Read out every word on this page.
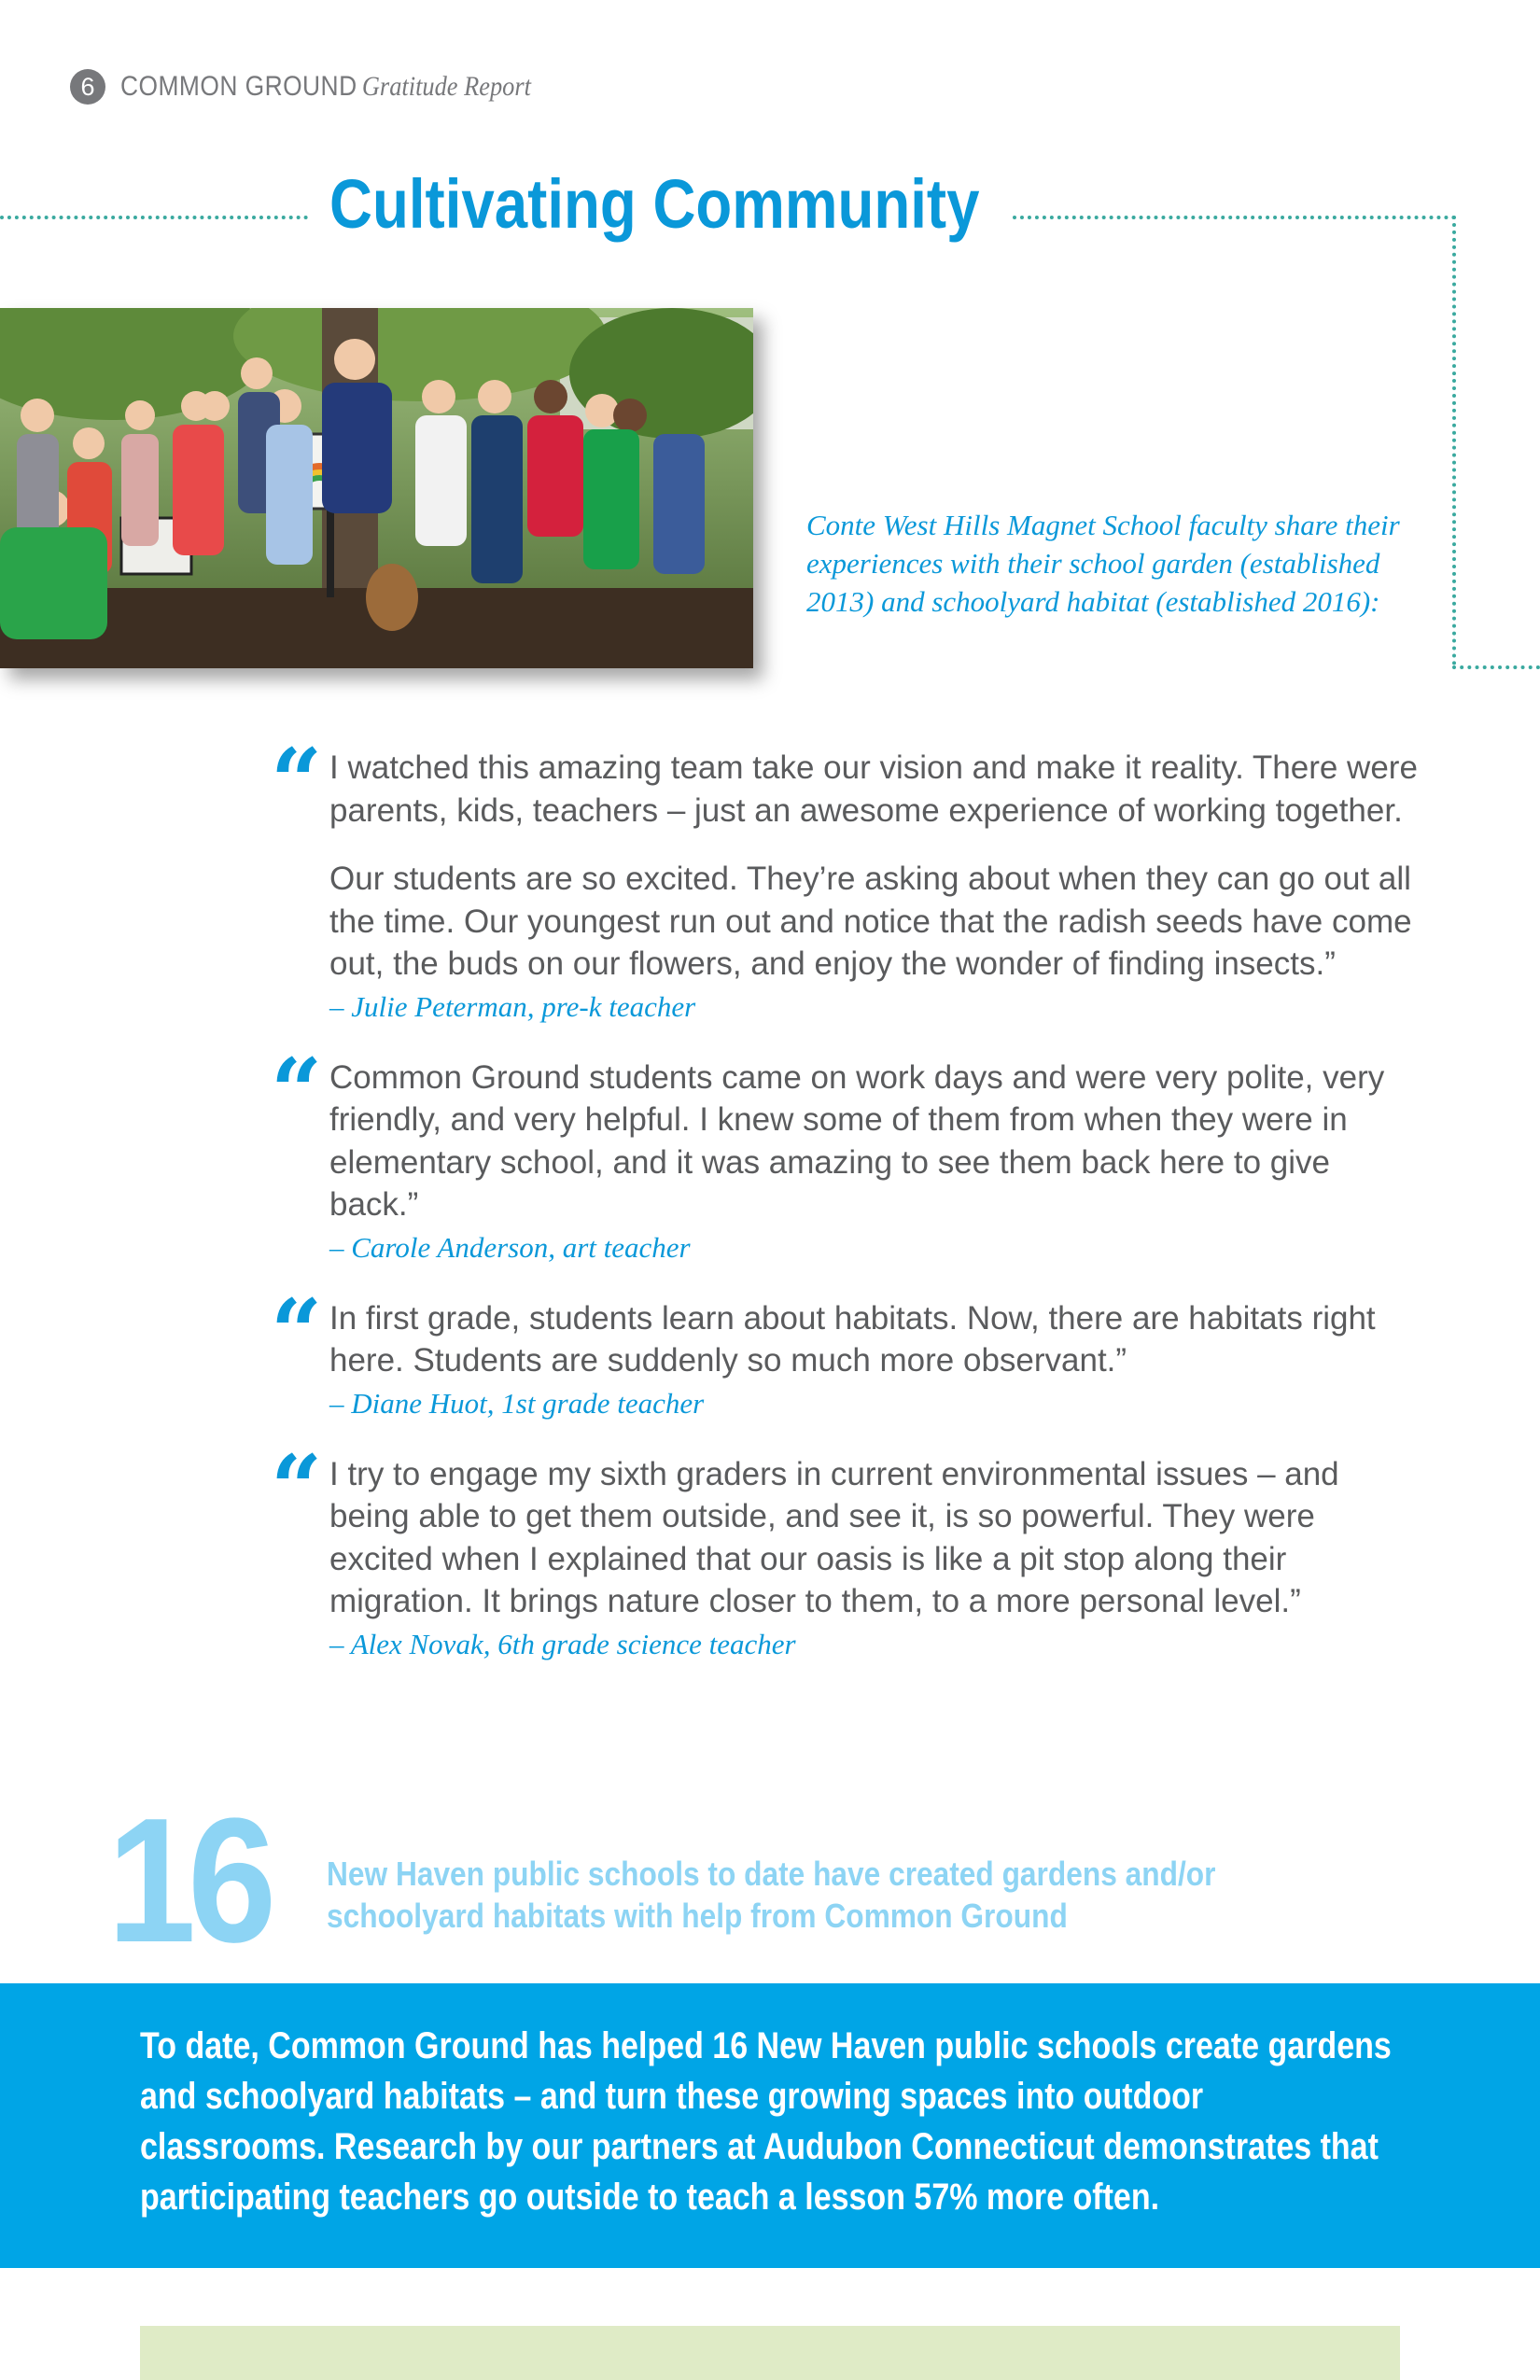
6 COMMON GROUND Gratitude Report
Cultivating Community

Conte West Hills Magnet School faculty share their experiences with their school garden (established 2013) and schoolyard habitat (established 2016):

“ I watched this amazing team take our vision and make it reality. There were parents, kids, teachers – just an awesome experience of working together.

Our students are so excited. They’re asking about when they can go out all the time. Our youngest run out and notice that the radish seeds have come out, the buds on our flowers, and enjoy the wonder of finding insects.”

– Julie Peterman, pre-k teacher

“ Common Ground students came on work days and were very polite, very friendly, and very helpful. I knew some of them from when they were in elementary school, and it was amazing to see them back here to give back.”

– Carole Anderson, art teacher

“ In first grade, students learn about habitats. Now, there are habitats right here. Students are suddenly so much more observant.”

– Diane Huot, 1st grade teacher

“ I try to engage my sixth graders in current environmental issues – and being able to get them outside, and see it, is so powerful. They were excited when I explained that our oasis is like a pit stop along their migration. It brings nature closer to them, to a more personal level.”

– Alex Novak, 6th grade science teacher

16 New Haven public schools to date have created gardens and/or schoolyard habitats with help from Common Ground

To date, Common Ground has helped 16 New Haven public schools create gardens and schoolyard habitats – and turn these growing spaces into outdoor classrooms. Research by our partners at Audubon Connecticut demonstrates that participating teachers go outside to teach a lesson 57% more often.
